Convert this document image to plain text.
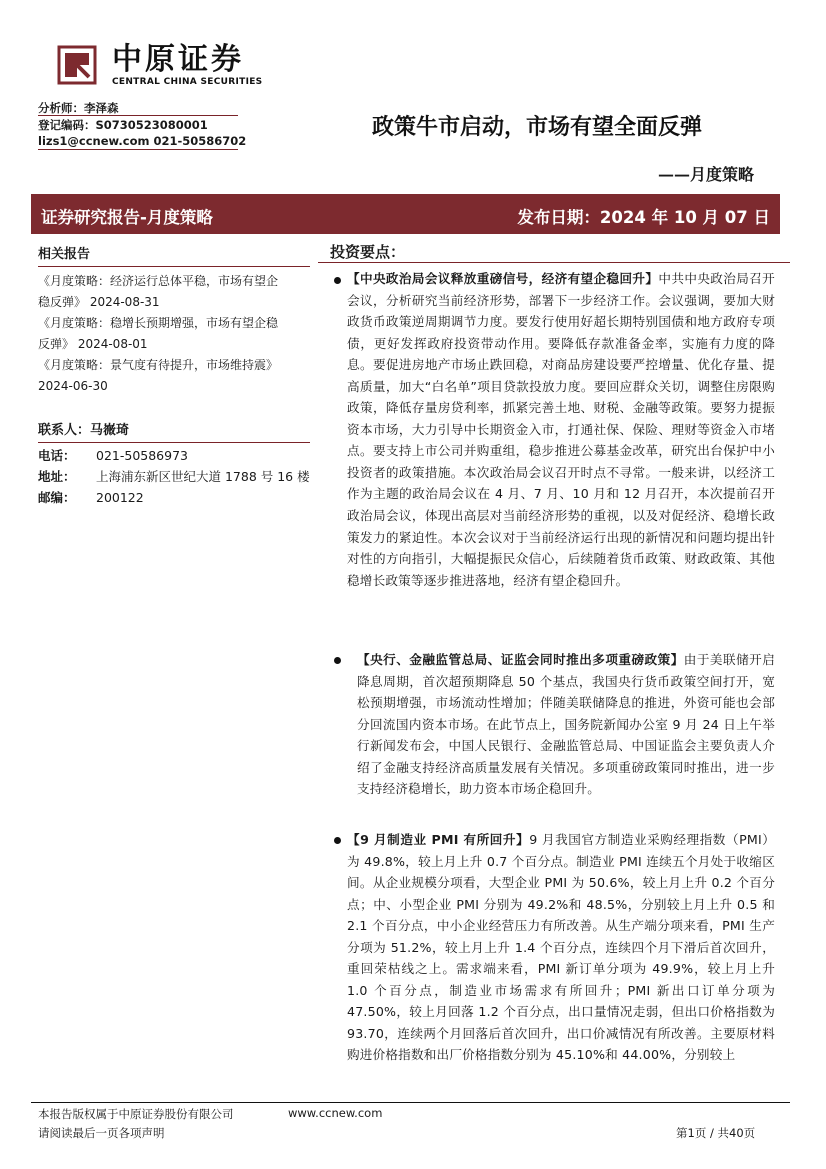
中原证券
CENTRAL CHINA SECURITIES
分析师：李泽森
登记编码：S0730523080001
lizs1@ccnew.com 021-50586702
政策牛市启动，市场有望全面反弹
——月度策略
证券研究报告-月度策略	发布日期：2024 年 10 月 07 日
相关报告
《月度策略：经济运行总体平稳，市场有望企
稳反弹》 2024-08-31
《月度策略：稳增长预期增强，市场有望企稳
反弹》 2024-08-01
《月度策略：景气度有待提升，市场维持震》
2024-06-30
联系人：马嶶琦
电话： 021-50586973
地址： 上海浦东新区世纪大道 1788 号 16 楼
邮编： 200122
投资要点：
【中央政治局会议释放重磅信号，经济有望企稳回升】中共中央政治局召开会议，分析研究当前经济形势，部署下一步经济工作。会议强调，要加大财政货币政策逆周期调节力度。要发行使用好超长期特别国债和地方政府专项债，更好发挥政府投资带动作用。要降低存款准备金率，实施有力度的降息。要促进房地产市场止跌回稳，对商品房建设要严控增量、优化存量、提高质量，加大“白名单”项目贷款投放力度。要回应群众关切，调整住房限购政策，降低存量房贷利率，抓紧完善土地、财税、金融等政策。要努力提振资本市场，大力引导中长期资金入市，打通社保、保险、理财等资金入市堵点。要支持上市公司并购重组，稳步推进公募基金改革，研究出台保护中小投资者的政策措施。本次政治局会议召开时点不寻常。一般来讲，以经济工作为主题的政治局会议在 4 月、7 月、10 月和 12 月召开，本次提前召开政治局会议，体现出高层对当前经济形势的重视，以及对促经济、稳增长政策发力的紧迫性。本次会议对于当前经济运行出现的新情况和问题均提出针对性的方向指引，大幅提振民众信心，后续随着货币政策、财政政策、其他稳增长政策等逐步推进落地，经济有望企稳回升。
【央行、金融监管总局、证监会同时推出多项重磅政策】由于美联储开启降息周期，首次超预期降息 50 个基点，我国央行货币政策空间打开，宽松预期增强，市场流动性增加；伴随美联储降息的推进，外资可能也会部分回流国内资本市场。在此节点上，国务院新闻办公室 9 月 24 日上午举行新闻发布会，中国人民银行、金融监管总局、中国证监会主要负责人介绍了金融支持经济高质量发展有关情况。多项重磅政策同时推出，进一步支持经济稳增长，助力资本市场企稳回升。
【9 月制造业 PMI 有所回升】9 月我国官方制造业采购经理指数（PMI）为 49.8%，较上月上升 0.7 个百分点。制造业 PMI 连续五个月处于收缩区间。从企业规模分项看，大型企业 PMI 为 50.6%，较上月上升 0.2 个百分点；中、小型企业 PMI 分别为 49.2%和 48.5%，分别较上月上升 0.5 和 2.1 个百分点，中小企业经营压力有所改善。从生产端分项来看，PMI 生产分项为 51.2%，较上月上升 1.4 个百分点，连续四个月下滑后首次回升，重回荣枯线之上。需求端来看，PMI 新订单分项为 49.9%，较上月上升 1.0 个百分点，制造业市场需求有所回升；PMI 新出口订单分项为 47.50%，较上月回落 1.2 个百分点，出口量情况走弱，但出口价格指数为 93.70，连续两个月回落后首次回升，出口价减情况有所改善。主要原材料购进价格指数和出厂价格指数分别为 45.10%和 44.00%，分别较上
本报告版权属于中原证券股份有限公司	www.ccnew.com
请阅读最后一页各项声明	第1页 / 共40页
